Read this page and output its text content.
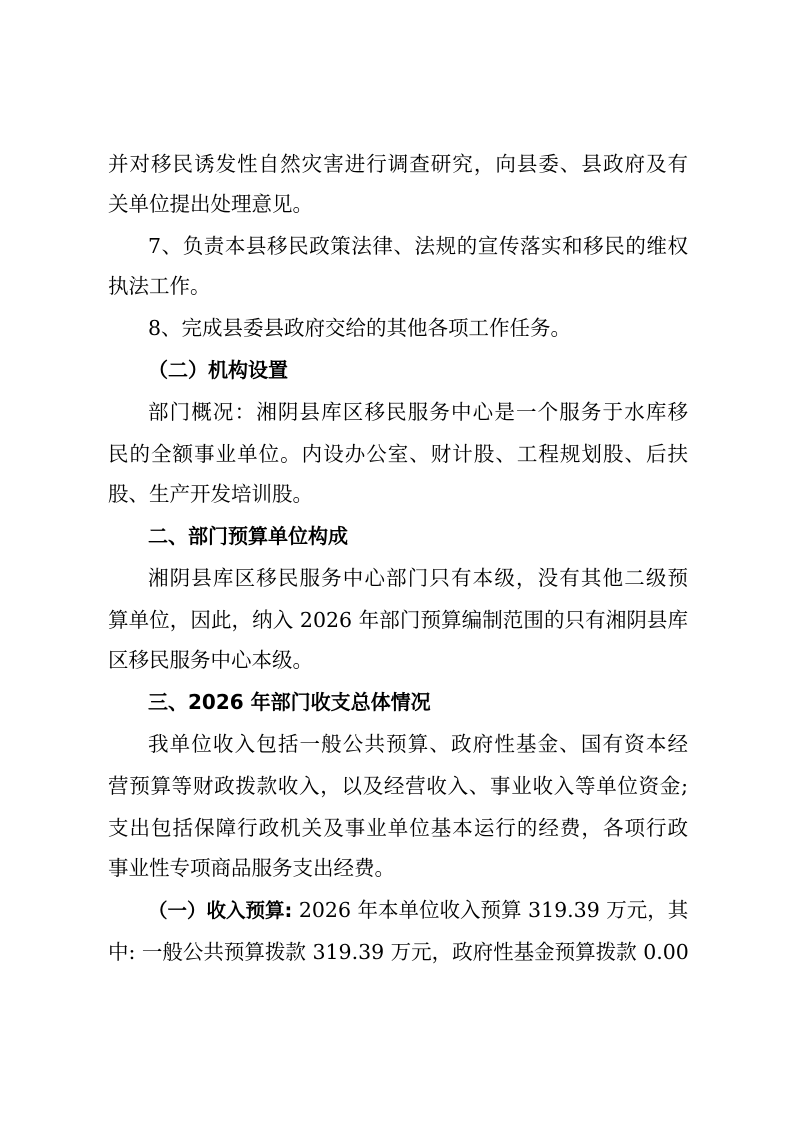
并对移民诱发性自然灾害进行调查研究，向县委、县政府及有
关单位提出处理意见。
7、负责本县移民政策法律、法规的宣传落实和移民的维权
执法工作。
8、完成县委县政府交给的其他各项工作任务。
（二）机构设置
部门概况：湘阴县库区移民服务中心是一个服务于水库移
民的全额事业单位。内设办公室、财计股、工程规划股、后扶
股、生产开发培训股。
二、部门预算单位构成
湘阴县库区移民服务中心部门只有本级，没有其他二级预
算单位，因此，纳入 2026 年部门预算编制范围的只有湘阴县库
区移民服务中心本级。
三、2026 年部门收支总体情况
我单位收入包括一般公共预算、政府性基金、国有资本经
营预算等财政拨款收入，以及经营收入、事业收入等单位资金;
支出包括保障行政机关及事业单位基本运行的经费，各项行政
事业性专项商品服务支出经费。
（一）收入预算: 2026 年本单位收入预算 319.39 万元，其
中: 一般公共预算拨款 319.39 万元，政府性基金预算拨款 0.00
